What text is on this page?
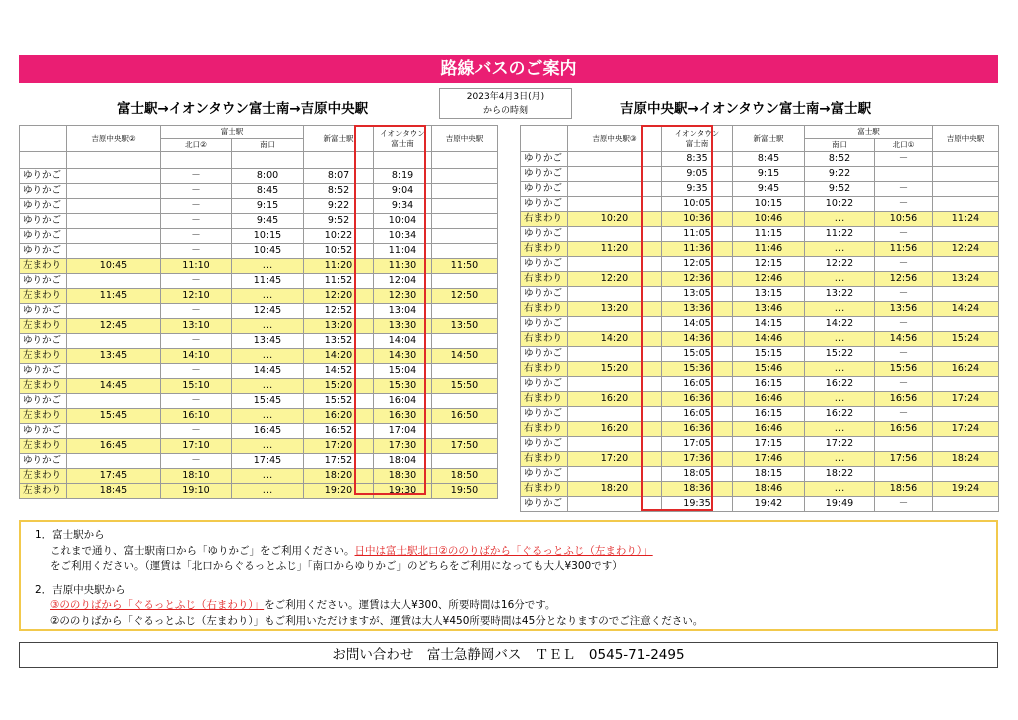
路線バスのご案内
富士駅→イオンタウン富士南→吉原中央駅
2023年4月3日(月)
からの時刻	吉原中央駅→イオンタウン富士南→富士駅
	吉原中央駅②	富士駅		新富士駅	イオンタウン
富士南	吉原中央駅
		北口②	南口			

ゆりかご		－	8:00	8:07	8:19	
ゆりかご		－	8:45	8:52	9:04	
ゆりかご		－	9:15	9:22	9:34	
ゆりかご		－	9:45	9:52	10:04	
ゆりかご		－	10:15	10:22	10:34	
ゆりかご		－	10:45	10:52	11:04	
左まわり	10:45	11:10	…	11:20	11:30	11:50
ゆりかご		－	11:45	11:52	12:04	
左まわり	11:45	12:10	…	12:20	12:30	12:50
ゆりかご		－	12:45	12:52	13:04	
左まわり	12:45	13:10	…	13:20	13:30	13:50
ゆりかご		－	13:45	13:52	14:04	
左まわり	13:45	14:10	…	14:20	14:30	14:50
ゆりかご		－	14:45	14:52	15:04	
左まわり	14:45	15:10	…	15:20	15:30	15:50
ゆりかご		－	15:45	15:52	16:04	
左まわり	15:45	16:10	…	16:20	16:30	16:50
ゆりかご		－	16:45	16:52	17:04	
左まわり	16:45	17:10	…	17:20	17:30	17:50
ゆりかご		－	17:45	17:52	18:04	
左まわり	17:45	18:10	…	18:20	18:30	18:50
左まわり	18:45	19:10	…	19:20	19:30	19:50
	吉原中央駅③	イオンタウン
富士南	新富士駅	富士駅		吉原中央駅
				南口	北口①	
ゆりかご		8:35	8:45	8:52	－	
ゆりかご		9:05	9:15	9:22		
ゆりかご		9:35	9:45	9:52	－	
ゆりかご		10:05	10:15	10:22	－	
右まわり	10:20	10:36	10:46	…	10:56	11:24
ゆりかご		11:05	11:15	11:22	－	
右まわり	11:20	11:36	11:46	…	11:56	12:24
ゆりかご		12:05	12:15	12:22	－	
右まわり	12:20	12:36	12:46	…	12:56	13:24
ゆりかご		13:05	13:15	13:22	－	
右まわり	13:20	13:36	13:46	…	13:56	14:24
ゆりかご		14:05	14:15	14:22	－	
右まわり	14:20	14:36	14:46	…	14:56	15:24
ゆりかご		15:05	15:15	15:22	－	
右まわり	15:20	15:36	15:46	…	15:56	16:24
ゆりかご		16:05	16:15	16:22	－	
右まわり	16:20	16:36	16:46	…	16:56	17:24
ゆりかご		16:05	16:15	16:22	－	
右まわり	16:20	16:36	16:46	…	16:56	17:24
ゆりかご		17:05	17:15	17:22		
右まわり	17:20	17:36	17:46	…	17:56	18:24
ゆりかご		18:05	18:15	18:22		
右まわり	18:20	18:36	18:46	…	18:56	19:24
ゆりかご		19:35	19:42	19:49	－	
1．富士駅から
これまで通り、富士駅南口から「ゆりかご」をご利用ください。日中は富士駅北口②ののりばから「ぐるっとふじ（左まわり）」
をご利用ください。（運賃は「北口からぐるっとふじ」「南口からゆりかご」のどちらをご利用になっても大人¥300です）
2．吉原中央駅から
③ののりばから「ぐるっとふじ（右まわり）」をご利用ください。運賃は大人¥300、所要時間は16分です。
②ののりばから「ぐるっとふじ（左まわり）」もご利用いただけますが、運賃は大人¥450所要時間は45分となりますのでご注意ください。
お問い合わせ　富士急静岡バス　ＴＥＬ　0545-71-2495
